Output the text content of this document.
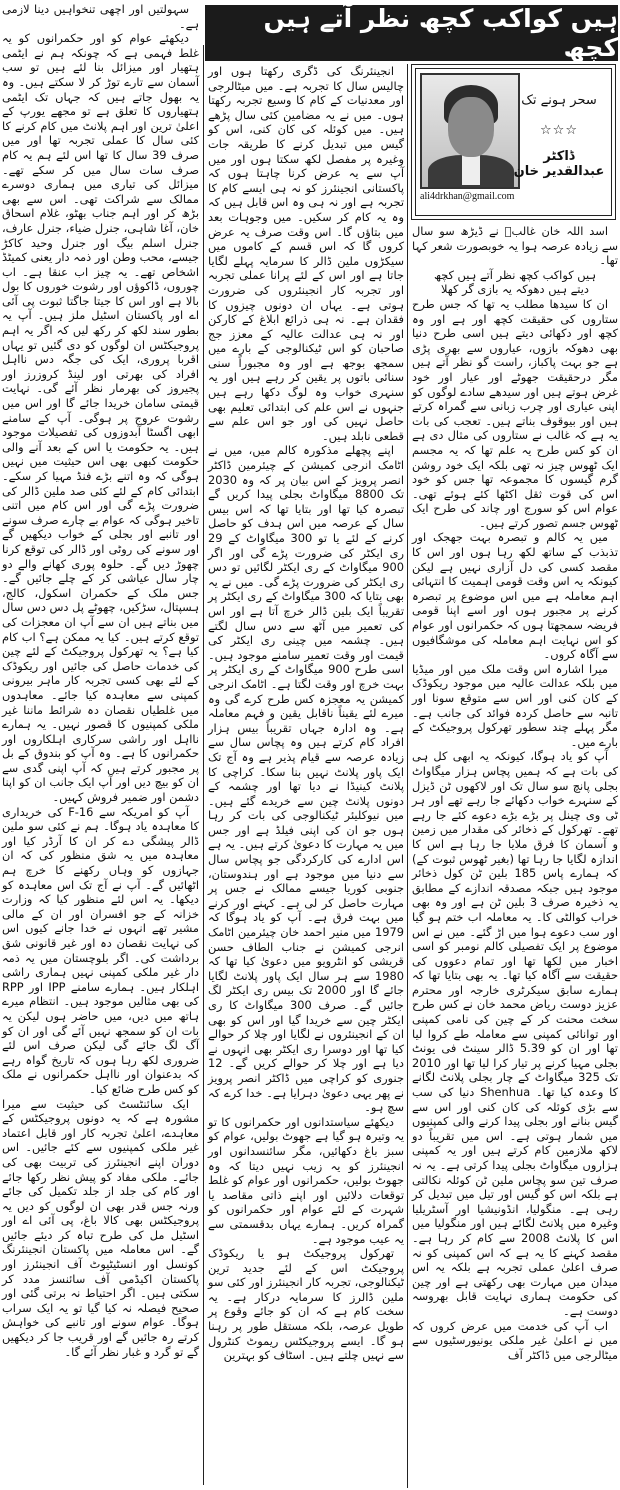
ہیں کواکب کچھ نظر آتے ہیں کچھ

سہولتیں اور اچھی تنخواہیں دینا لازمی ہے۔

دیکھئے عوام کو اور حکمرانوں کو یہ غلط فہمی ہے کہ چونکہ ہم نے ایٹمی ہتھیار اور میزائل بنا لئے ہیں تو سب آسمان سے تارے توڑ کر لا سکتے ہیں۔ وہ یہ بھول جاتے ہیں کہ جہاں تک ایٹمی ہتھیاروں کا تعلق ہے تو مجھے یورپ کے اعلیٰ ترین اور اہم پلانٹ میں کام کرنے کا کئی سال کا عملی تجربہ تھا اور میں صرف 39 سال کا تھا اس لئے ہم یہ کام صرف سات سال میں کر سکے تھے۔ میزائل کی تیاری میں ہماری دوسرے ممالک سے شراکت تھی۔ اس سے بھی بڑھ کر اور اہم جناب بھٹو، غلام اسحاق خان، آغا شاہی، جنرل ضیاء، جنرل عارف، جنرل اسلم بیگ اور جنرل وحید کاکڑ جیسے، محب وطن اور ذمہ دار یعنی کمیٹڈ اشخاص تھے۔ یہ چیز اب عنقا ہے۔ اب چوروں، ڈاکوؤں اور رشوت خوروں کا بول بالا ہے اور اس کا جیتا جاگتا ثبوت پی آئی اے اور پاکستان اسٹیل ملز ہیں۔ آپ یہ بطور سند لکھ کر رکھ لیں کہ اگر یہ اہم پروجیکٹس ان لوگوں کو دی گئیں تو یہاں اقربا پروری، ایک کی جگہ دس نااہل افراد کی بھرتی اور لینڈ کروزرز اور پجیروز کی بھرمار نظر آئے گی۔ نہایت قیمتی سامان خریدا جائے گا اور اس میں رشوت عروج پر ہوگی۔ آپ کے سامنے ابھی اگسٹا آبدوزوں کی تفصیلات موجود ہیں۔ یہ حکومت یا اس کے بعد آنے والی حکومت کبھی بھی اس حیثیت میں نہیں ہوگی کہ وہ اتنے بڑے فنڈ مہیا کر سکے۔ ابتدائی کام کے لئے کئی صد ملین ڈالر کی ضرورت پڑے گی اور اس کام میں اتنی تاخیر ہوگی کہ عوام بے چارے صرف سونے اور تانبے اور بجلی کے خواب دیکھیں گے اور سونے کی روٹی اور ڈالر کی توقع کرنا چھوڑ دیں گے۔ حلوہ پوری کھانے والے دو چار سال عیاشی کر کے چلے جائیں گے۔ جس ملک کے حکمران اسکول، کالج، ہسپتال، سڑکیں، چھوٹے پل دس دس سال میں بناتے ہیں ان سے آپ ان معجزات کی توقع کرتے ہیں۔ کیا یہ ممکن ہے؟ اب کام کیا ہے؟ یہ تھرکول پروجیکٹ کے لئے چین کی خدمات حاصل کی جائیں اور ریکوڈک کے لئے بھی کسی تجربہ کار ماہر بیرونی کمپنی سے معاہدہ کیا جائے۔ معاہدوں میں غلطیاں نقصان دہ شرائط ماننا غیر ملکی کمپنیوں کا قصور نہیں۔ یہ ہمارے نااہل اور راشی سرکاری اہلکاروں اور حکمرانوں کا ہے۔ وہ آپ کو بندوق کے بل پر مجبور کرتے ہیں کہ آپ اپنی گدی سے ان کو بیچ دیں اور آپ ایک جانب ان کو اپنا دشمن اور ضمیر فروش کہیں۔

آپ کو امریکہ سے F-16 کی خریداری کا معاہدہ یاد ہوگا۔ ہم نے کئی سو ملین ڈالر پیشگی دے کر ان کا آرڈر کیا اور معاہدہ میں یہ شق منظور کی کہ ان جہازوں کو وہاں رکھنے کا خرچ ہم اٹھائیں گے۔ آپ نے آج تک اس معاہدہ کو دیکھا۔ یہ اس لئے منظور کیا کہ وزارت خزانہ کے جو افسران اور ان کے مالی مشیر تھے انہوں نے خدا جانے کیوں اس کی نہایت نقصان دہ اور غیر قانونی شق برداشت کی۔ اگر بلوچستان میں یہ ذمہ دار غیر ملکی کمپنی نہیں ہماری راشی اہلکار ہیں۔ ہمارے سامنے IPP اور RPP کی بھی مثالیں موجود ہیں۔ انتظام میرے ہاتھ میں دیں، میں حاضر ہوں لیکن یہ بات ان کو سمجھ نہیں آئے گی اور ان کو آگ لگ جائے گی لیکن صرف اس لئے ضروری لکھ رہا ہوں کہ تاریخ گواہ رہے کہ بدعنوان اور نااہل حکمرانوں نے ملک کو کس طرح ضائع کیا۔

ایک سائنٹسٹ کی حیثیت سے میرا مشورہ ہے کہ یہ دونوں پروجیکٹس کے معاہدے، اعلیٰ تجربہ کار اور قابل اعتماد غیر ملکی کمپنیوں سے کئے جائیں۔ اس دوران اپنے انجینئرز کی تربیت بھی کی جائے۔ ملکی مفاد کو پیش نظر رکھا جائے اور کام کی جلد از جلد تکمیل کی جائے ورنہ جس قدر بھی ان لوگوں کو دیں یہ پروجیکٹس بھی کالا باغ، پی آئی اے اور اسٹیل مل کی طرح تباہ کر دیئے جائیں گے۔ اس معاملہ میں پاکستان انجینئرنگ کونسل اور انسٹیٹیوٹ آف انجینئرز اور پاکستان اکیڈمی آف سائنسز مدد کر سکتی ہیں۔ اگر احتیاط نہ برتی گئی اور صحیح فیصلہ نہ کیا گیا تو یہ ایک سراب ہوگا۔ عوام سونے اور تانبے کی خواہش کرتے رہ جائیں گے اور قریب جا کر دیکھیں گے تو گرد و غبار نظر آئے گا۔

انجینئرنگ کی ڈگری رکھتا ہوں اور چالیس سال کا تجربہ ہے۔ میں میٹالرجی اور معدنیات کے کام کا وسیع تجربہ رکھتا ہوں۔ میں نے یہ مضامین کئی سال پڑھے ہیں۔ میں کوئلہ کی کان کنی، اس کو گیس میں تبدیل کرنے کا طریقہ جات وغیرہ پر مفصل لکھ سکتا ہوں اور میں آپ سے یہ عرض کرنا چاہتا ہوں کہ پاکستانی انجینئرز کو نہ ہی ایسے کام کا تجربہ ہے اور نہ ہی وہ اس قابل ہیں کہ وہ یہ کام کر سکیں۔ میں وجوہات بعد میں بتاؤں گا۔ اس وقت صرف یہ عرض کروں گا کہ اس قسم کے کاموں میں سیکڑوں ملین ڈالر کا سرمایہ پہلے لگایا جاتا ہے اور اس کے لئے پرانا عملی تجربہ اور تجربہ کار انجینئروں کی ضرورت ہوتی ہے۔ یہاں ان دونوں چیزوں کا فقدان ہے۔ نہ ہی ذرائع ابلاغ کے کارکن اور نہ ہی عدالت عالیہ کے معزز جج صاحبان کو اس ٹیکنالوجی کے بارے میں سمجھ بوجھ ہے اور وہ مجبوراً سنی سنائی باتوں پر یقین کر رہے ہیں اور یہ سنہری خواب وہ لوگ دکھا رہے ہیں جنہوں نے اس علم کی ابتدائی تعلیم بھی حاصل نہیں کی اور جو اس علم سے قطعی نابلد ہیں۔

اپنے پچھلے مذکورہ کالم میں، میں نے اٹامک انرجی کمیشن کے چیئرمین ڈاکٹر انصر پرویز کے اس بیان پر کہ وہ 2030 تک 8800 میگاواٹ بجلی پیدا کریں گے تبصرہ کیا تھا اور بتایا تھا کہ اس بیس سال کے عرصہ میں اس ہدف کو حاصل کرنے کے لئے یا تو 300 میگاواٹ کے 29 ری ایکٹر کی ضرورت پڑے گی اور اگر 900 میگاواٹ کے ری ایکٹر لگائیں تو دس ری ایکٹر کی ضرورت پڑے گی۔ میں نے یہ بھی بتایا کہ 300 میگاواٹ کے ری ایکٹر پر تقریباً ایک بلین ڈالر خرچ آتا ہے اور اس کی تعمیر میں آٹھ سے دس سال لگتے ہیں۔ چشمہ میں چینی ری ایکٹر کی قیمت اور وقت تعمیر سامنے موجود ہیں۔ اسی طرح 900 میگاواٹ کے ری ایکٹر پر بہت خرچ اور وقت لگتا ہے۔ اٹامک انرجی کمیشن یہ معجزہ کس طرح کرے گی وہ میرے لئے یقیناً ناقابل یقین و فہم معاملہ ہے۔ وہ ادارہ جہاں تقریباً بیس ہزار افراد کام کرتے ہیں وہ پچاس سال سے زیادہ عرصہ سے قیام پذیر ہے وہ آج تک ایک پاور پلانٹ نہیں بنا سکا۔ کراچی کا پلانٹ کینیڈا نے دیا تھا اور چشمہ کے دونوں پلانٹ چین سے خریدے گئے ہیں۔ میں نیوکلیئر ٹیکنالوجی کی بات کر رہا ہوں جو ان کی اپنی فیلڈ ہے اور جس میں یہ مہارت کا دعویٰ کرتے ہیں۔ یہ ہے اس ادارے کی کارکردگی جو پچاس سال سے دنیا میں موجود ہے اور ہندوستان، جنوبی کوریا جیسے ممالک نے جس پر مہارت حاصل کر لی ہے۔ کہنے اور کرنے میں بہت فرق ہے۔ آپ کو یاد ہوگا کہ 1979 میں منیر احمد خان چیئرمین اٹامک انرجی کمیشن نے جناب الطاف حسن قریشی کو انٹرویو میں دعویٰ کیا تھا کہ 1980 سے ہر سال ایک پاور پلانٹ لگایا جائے گا اور 2000 تک بیس ری ایکٹر لگ جائیں گے۔ صرف 300 میگاواٹ کا ری ایکٹر چین سے خریدا گیا اور اس کو بھی ان کے انجینئروں نے لگایا اور چلا کر حوالے کیا تھا اور دوسرا ری ایکٹر بھی انہوں نے دیا ہے اور چلا کر حوالے کریں گے۔ 12 جنوری کو کراچی میں ڈاکٹر انصر پرویز نے پھر یہی دعویٰ دہرایا ہے۔ خدا کرے کہ سچ ہو۔

دیکھئے سیاستدانوں اور حکمرانوں کا تو یہ وتیرہ ہو گیا ہے جھوٹ بولیں، عوام کو سبز باغ دکھائیں، مگر سائنسدانوں اور انجینئرز کو یہ زیب نہیں دیتا کہ وہ جھوٹ بولیں، حکمرانوں اور عوام کو غلط توقعات دلائیں اور اپنے ذاتی مقاصد یا شہرت کے لئے عوام اور حکمرانوں کو گمراہ کریں۔ ہمارے یہاں بدقسمتی سے یہ عیب موجود ہے۔

تھرکول پروجیکٹ ہو یا ریکوڈک پروجیکٹ اس کے لئے جدید ترین ٹیکنالوجی، تجربہ کار انجینئرز اور کئی سو ملین ڈالرز کا سرمایہ درکار ہے۔ یہ سخت کام ہے کہ ان کو جائے وقوع پر طویل عرصہ، بلکہ مستقل طور پر رہنا ہو گا۔ ایسے پروجیکٹس ریموٹ کنٹرول سے نہیں چلتے ہیں۔ اسٹاف کو بہترین

ali4drkhan@gmail.com
سحر ہونے تک
☆☆☆
ڈاکٹر عبدالقدیر خان

اسد اللہ خان غالبؔ نے ڈیڑھ سو سال سے زیادہ عرصہ ہوا یہ خوبصورت شعر کہا تھا۔

ہیں کواکب کچھ نظر آتے ہیں کچھ

دیتے ہیں دھوکہ یہ بازی گر کھلا

ان کا سیدھا مطلب یہ تھا کہ جس طرح ستاروں کی حقیقت کچھ اور ہے اور وہ کچھ اور دکھائی دیتے ہیں اسی طرح دنیا بھی دھوکہ بازوں، عیاروں سے بھری پڑی ہے جو بہت پاکباز، راست گو نظر آتے ہیں مگر درحقیقت جھوٹے اور عیار اور خود غرض ہوتے ہیں اور سیدھے سادے لوگوں کو اپنی عیاری اور چرب زبانی سے گمراہ کرتے ہیں اور بیوقوف بناتے ہیں۔ تعجب کی بات یہ ہے کہ غالب نے ستاروں کی مثال دی ہے ان کو کس طرح یہ علم تھا کہ یہ مجسم ایک ٹھوس چیز نہ تھی بلکہ ایک خود روشن گرم گیسوں کا مجموعہ تھا جس کو خود اس کی قوت ثقل اکٹھا کئے ہوئے تھی۔ عوام اس کو سورج اور چاند کی طرح ایک ٹھوس جسم تصور کرتے ہیں۔

میں یہ کالم و تبصرہ بہت جھجک اور تذبذب کے ساتھ لکھ رہا ہوں اور اس کا مقصد کسی کی دل آزاری نہیں ہے لیکن کیونکہ یہ اس وقت قومی اہمیت کا انتہائی اہم معاملہ ہے میں اس موضوع پر تبصرہ کرنے پر مجبور ہوں اور اسے اپنا قومی فریضہ سمجھتا ہوں کہ حکمرانوں اور عوام کو اس نہایت اہم معاملہ کی موشگافیوں سے آگاہ کروں۔

میرا اشارہ اس وقت ملک میں اور میڈیا میں بلکہ عدالت عالیہ میں موجود ریکوڈک کے کان کنی اور اس سے متوقع سونا اور تانبہ سے حاصل کردہ فوائد کی جانب ہے۔ مگر پہلے چند سطور تھرکول پروجیکٹ کے بارے میں۔

آپ کو یاد ہوگا، کیونکہ یہ ابھی کل ہی کی بات ہے کہ ہمیں پچاس ہزار میگاواٹ بجلی پانچ سو سال تک اور لاکھوں ٹن ڈیزل کے سنہرے خواب دکھائے جا رہے تھے اور ہر ٹی وی چینل پر بڑے بڑے دعوے کئے جا رہے تھے۔ تھرکول کے ذخائر کی مقدار میں زمین و آسمان کا فرق ملایا جا رہا ہے اس کا اندازہ لگایا جا رہا تھا (بغیر ٹھوس ثبوت کے) کہ ہمارے پاس 185 بلین ٹن کول ذخائر موجود ہیں جبکہ مصدقہ اندازے کے مطابق یہ ذخیرہ صرف 3 بلین ٹن ہے اور وہ بھی خراب کوالٹی کا۔ یہ معاملہ اب ختم ہو گیا اور سب دعوے ہوا میں اڑ گئے۔ میں نے اس موضوع پر ایک تفصیلی کالم نومبر کو اسی اخبار میں لکھا تھا اور تمام دعووں کی حقیقت سے آگاہ کیا تھا۔ یہ بھی بتایا تھا کہ ہمارے سابق سیکرٹری خارجہ اور محترم عزیز دوست ریاض محمد خان نے کس طرح سخت محنت کر کے چین کی نامی کمپنی اور توانائی کمپنی سے معاملہ طے کروا لیا تھا اور ان کو 5.39 ڈالر سینٹ فی یونٹ بجلی مہیا کرنے پر تیار کرا لیا تھا اور 2010 تک 325 میگاواٹ کے چار بجلی پلانٹ لگانے کا وعدہ کیا تھا۔ Shenhua دنیا کی سب سے بڑی کوئلہ کی کان کنی اور اس سے گیس بنانے اور بجلی پیدا کرنے والی کمپنیوں میں شمار ہوتی ہے۔ اس میں تقریباً دو لاکھ ملازمین کام کرتے ہیں اور یہ کمپنی ہزاروں میگاواٹ بجلی پیدا کرتی ہے۔ یہ نہ صرف تین سو پچاس ملین ٹن کوئلہ نکالتی ہے بلکہ اس کو گیس اور تیل میں تبدیل کر رہی ہے۔ منگولیا، انڈونیشیا اور آسٹریلیا وغیرہ میں پلانٹ لگائے ہیں اور منگولیا میں اس کا پلانٹ 2008 سے کام کر رہا ہے۔ مقصد کہنے کا یہ ہے کہ اس کمپنی کو نہ صرف اعلیٰ عملی تجربہ ہے بلکہ یہ اس میدان میں مہارت بھی رکھتی ہے اور چین کی حکومت ہماری نہایت قابل بھروسہ دوست ہے۔

اب آپ کی خدمت میں عرض کروں کہ میں نے اعلیٰ غیر ملکی یونیورسٹیوں سے میٹالرجی میں ڈاکٹر آف
